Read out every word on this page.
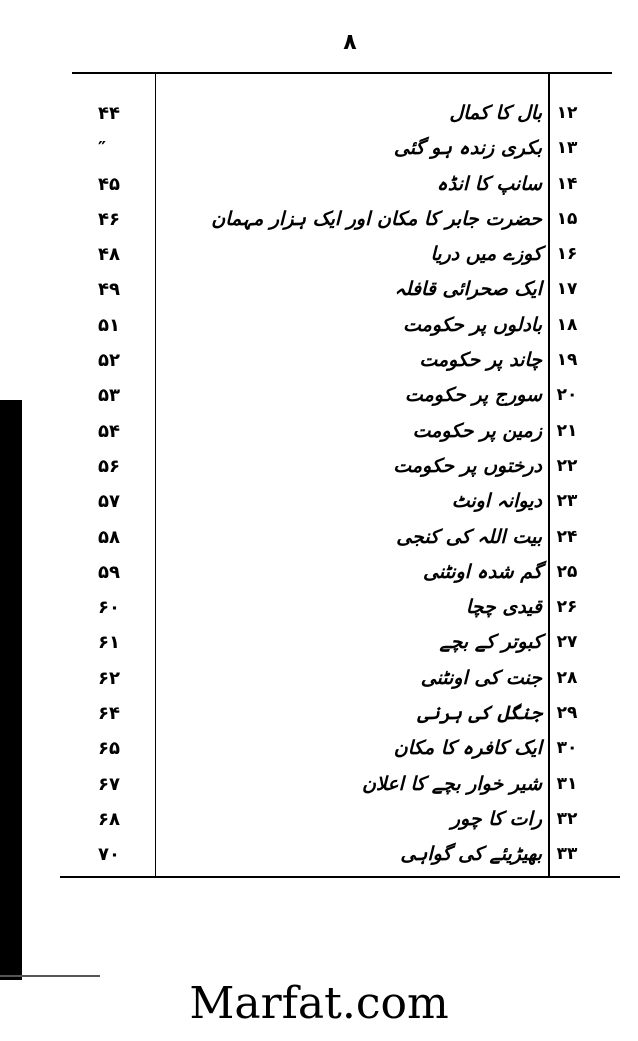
۸
۴۴	بال کا کمال ۱۲
″	بکری زندہ ہو گئی ۱۳
۴۵	سانپ کا انڈہ ۱۴
۴۶	حضرت جابر کا مکان اور ایک ہزار مہمان ۱۵
۴۸	کوزے میں دریا ۱۶
۴۹	ایک صحرائی قافلہ ۱۷
۵۱	بادلوں پر حکومت ۱۸
۵۲	چاند پر حکومت ۱۹
۵۳	سورج پر حکومت ۲۰
۵۴	زمین پر حکومت ۲۱
۵۶	درختوں پر حکومت ۲۲
۵۷	دیوانہ اونٹ ۲۳
۵۸	بیت اللہ کی کنجی ۲۴
۵۹	گم شدہ اونٹنی ۲۵
۶۰	قیدی چچا ۲۶
۶۱	کبوتر کے بچے ۲۷
۶۲	جنت کی اونٹنی ۲۸
۶۴	جنگل کی ہرنی ۲۹
۶۵	ایک کافرہ کا مکان ۳۰
۶۷	شیر خوار بچے کا اعلان ۳۱
۶۸	رات کا چور ۳۲
۷۰	بھیڑیئے کی گواہی ۳۳
Marfat.com
